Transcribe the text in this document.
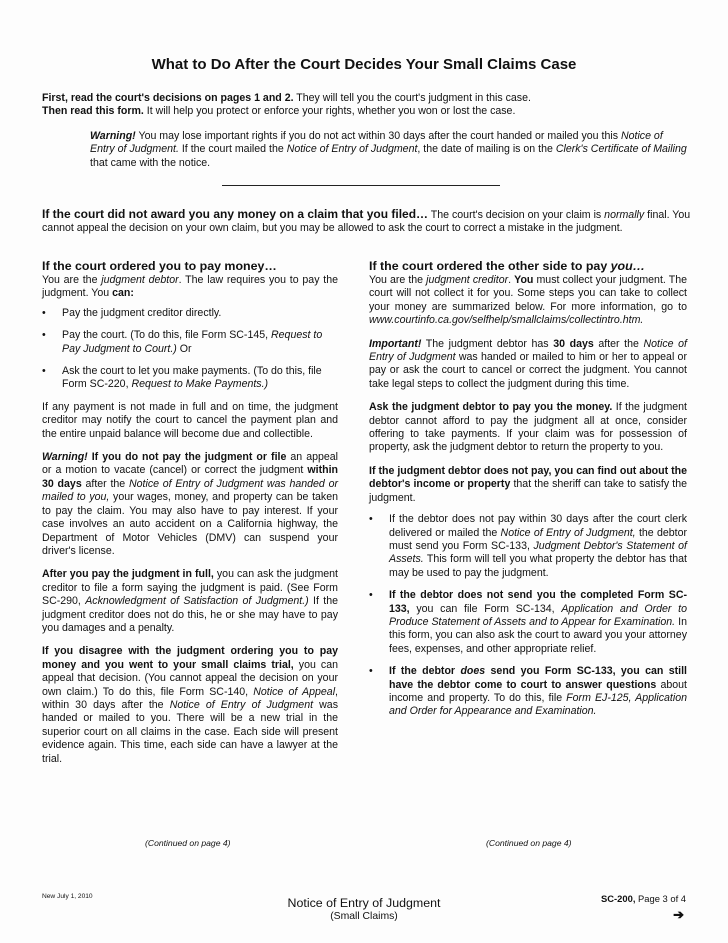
What to Do After the Court Decides Your Small Claims Case
First, read the court's decisions on pages 1 and 2. They will tell you the court's judgment in this case.
Then read this form. It will help you protect or enforce your rights, whether you won or lost the case.
Warning! You may lose important rights if you do not act within 30 days after the court handed or mailed you this Notice of Entry of Judgment. If the court mailed the Notice of Entry of Judgment, the date of mailing is on the Clerk's Certificate of Mailing that came with the notice.
If the court did not award you any money on a claim that you filed… The court's decision on your claim is normally final. You cannot appeal the decision on your own claim, but you may be allowed to ask the court to correct a mistake in the judgment.
If the court ordered you to pay money…
You are the judgment debtor. The law requires you to pay the judgment. You can:
• Pay the judgment creditor directly.
• Pay the court. (To do this, file Form SC-145, Request to Pay Judgment to Court.) Or
• Ask the court to let you make payments. (To do this, file Form SC-220, Request to Make Payments.)
If any payment is not made in full and on time, the judgment creditor may notify the court to cancel the payment plan and the entire unpaid balance will become due and collectible.
Warning! If you do not pay the judgment or file an appeal or a motion to vacate (cancel) or correct the judgment within 30 days after the Notice of Entry of Judgment was handed or mailed to you, your wages, money, and property can be taken to pay the claim. You may also have to pay interest. If your case involves an auto accident on a California highway, the Department of Motor Vehicles (DMV) can suspend your driver's license.
After you pay the judgment in full, you can ask the judgment creditor to file a form saying the judgment is paid. (See Form SC-290, Acknowledgment of Satisfaction of Judgment.) If the judgment creditor does not do this, he or she may have to pay you damages and a penalty.
If you disagree with the judgment ordering you to pay money and you went to your small claims trial, you can appeal that decision. (You cannot appeal the decision on your own claim.) To do this, file Form SC-140, Notice of Appeal, within 30 days after the Notice of Entry of Judgment was handed or mailed to you. There will be a new trial in the superior court on all claims in the case. Each side will present evidence again. This time, each side can have a lawyer at the trial.
(Continued on page 4)
If the court ordered the other side to pay you…
You are the judgment creditor. You must collect your judgment. The court will not collect it for you. Some steps you can take to collect your money are summarized below. For more information, go to www.courtinfo.ca.gov/selfhelp/smallclaims/collectintro.htm.
Important! The judgment debtor has 30 days after the Notice of Entry of Judgment was handed or mailed to him or her to appeal or pay or ask the court to cancel or correct the judgment. You cannot take legal steps to collect the judgment during this time.
Ask the judgment debtor to pay you the money. If the judgment debtor cannot afford to pay the judgment all at once, consider offering to take payments. If your claim was for possession of property, ask the judgment debtor to return the property to you.
If the judgment debtor does not pay, you can find out about the debtor's income or property that the sheriff can take to satisfy the judgment.
• If the debtor does not pay within 30 days after the court clerk delivered or mailed the Notice of Entry of Judgment, the debtor must send you Form SC-133, Judgment Debtor's Statement of Assets. This form will tell you what property the debtor has that may be used to pay the judgment.
• If the debtor does not send you the completed Form SC-133, you can file Form SC-134, Application and Order to Produce Statement of Assets and to Appear for Examination. In this form, you can also ask the court to award you your attorney fees, expenses, and other appropriate relief.
• If the debtor does send you Form SC-133, you can still have the debtor come to court to answer questions about income and property. To do this, file Form EJ-125, Application and Order for Appearance and Examination.
(Continued on page 4)
New July 1, 2010	Notice of Entry of Judgment
(Small Claims)
SC-200, Page 3 of 4
➔
